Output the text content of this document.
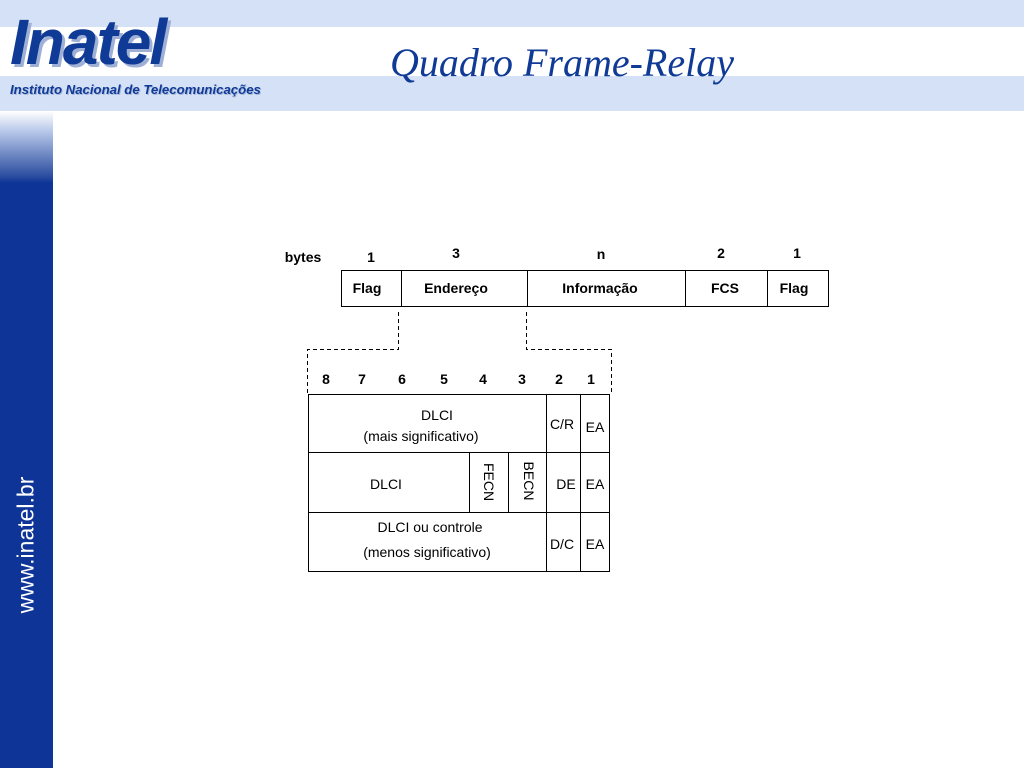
www.inatel.br
Inatel
Instituto Nacional de Telecomunicações
Quadro Frame-Relay
bytes	1	3	n	2	1
Flag	Endereço	Informação	FCS	Flag
8 7 6 5 4 3 2 1
DLCI
(mais significativo)
C/R EA
DLCI	FECN BECN DE EA
DLCI ou controle
(menos significativo)	D/C EA
